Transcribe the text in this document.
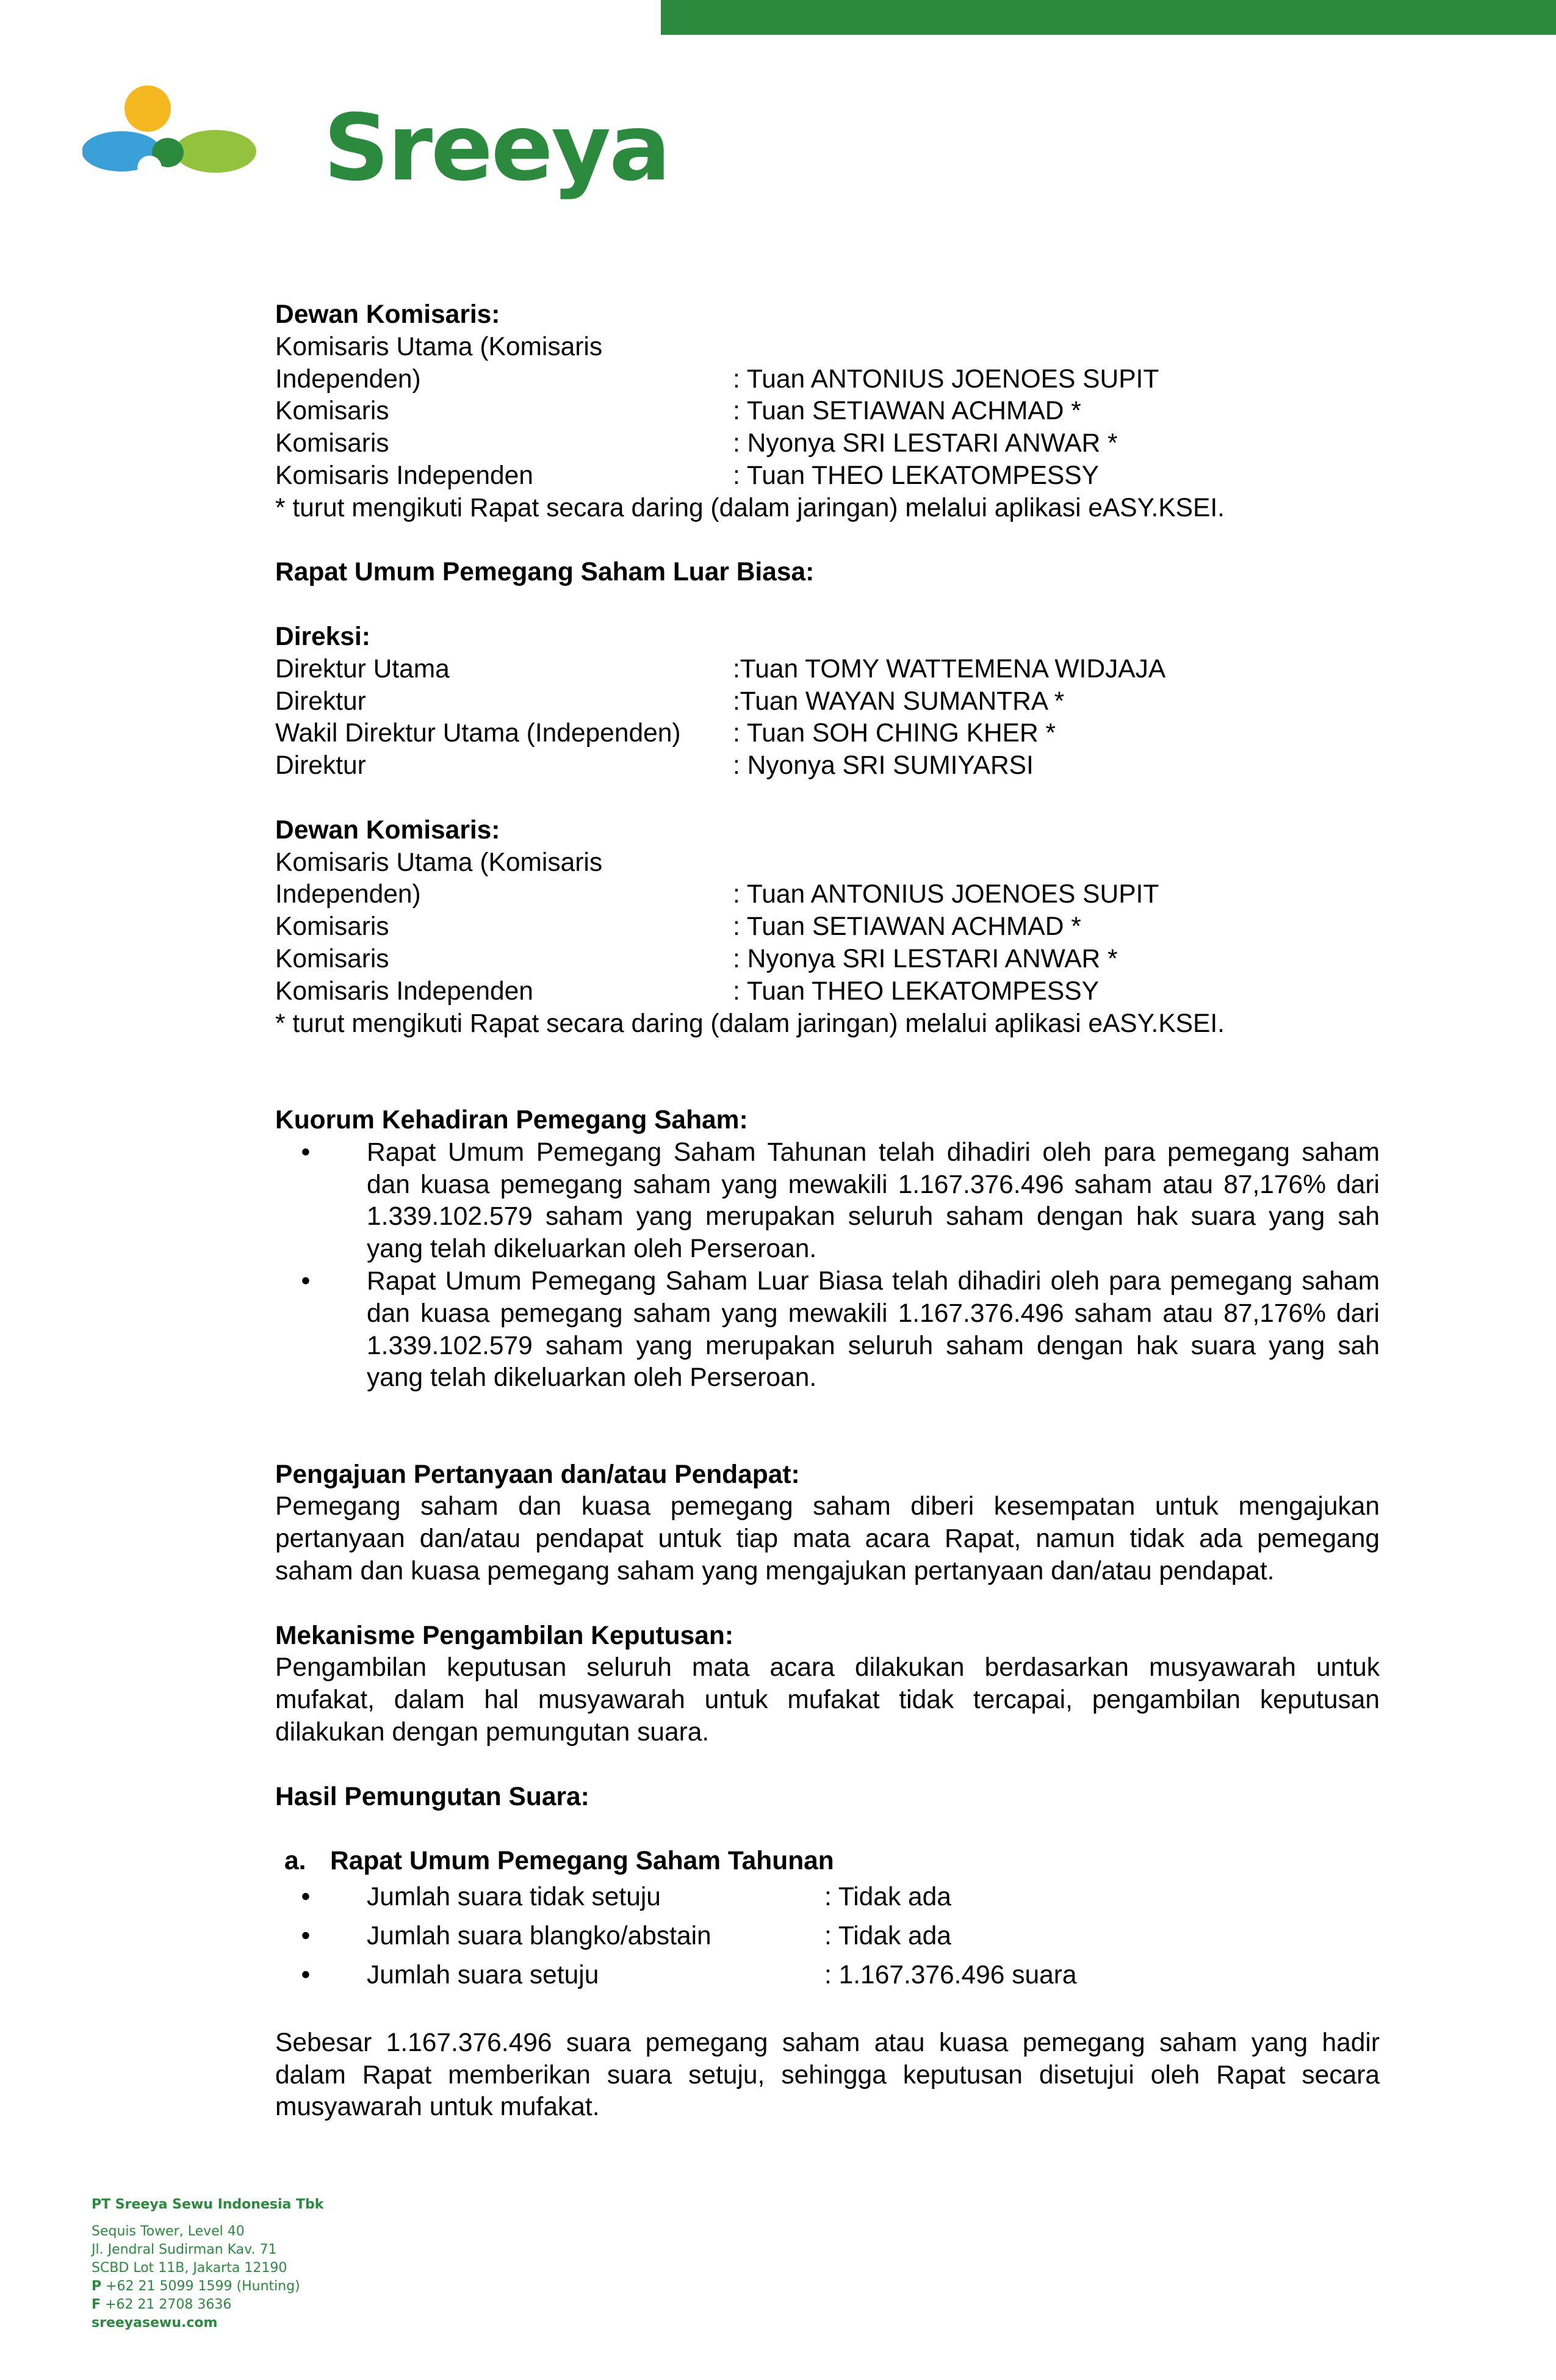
Sreeya

Dewan Komisaris:

Komisaris Utama (Komisaris

Independen)	: Tuan ANTONIUS JOENOES SUPIT
Komisaris	: Tuan SETIAWAN ACHMAD *
Komisaris	: Nyonya SRI LESTARI ANWAR *
Komisaris Independen	: Tuan THEO LEKATOMPESSY

* turut mengikuti Rapat secara daring (dalam jaringan) melalui aplikasi eASY.KSEI.

Rapat Umum Pemegang Saham Luar Biasa:

Direksi:

Direktur Utama	:Tuan TOMY WATTEMENA WIDJAJA
Direktur	:Tuan WAYAN SUMANTRA *
Wakil Direktur Utama (Independen)	: Tuan SOH CHING KHER *
Direktur	: Nyonya SRI SUMIYARSI

Dewan Komisaris:

Komisaris Utama (Komisaris

Independen)	: Tuan ANTONIUS JOENOES SUPIT
Komisaris	: Tuan SETIAWAN ACHMAD *
Komisaris	: Nyonya SRI LESTARI ANWAR *
Komisaris Independen	: Tuan THEO LEKATOMPESSY

* turut mengikuti Rapat secara daring (dalam jaringan) melalui aplikasi eASY.KSEI.

Kuorum Kehadiran Pemegang Saham:

•	Rapat Umum Pemegang Saham Tahunan telah dihadiri oleh para pemegang saham dan kuasa pemegang saham yang mewakili 1.167.376.496 saham atau 87,176% dari 1.339.102.579 saham yang merupakan seluruh saham dengan hak suara yang sah yang telah dikeluarkan oleh Perseroan.
•	Rapat Umum Pemegang Saham Luar Biasa telah dihadiri oleh para pemegang saham dan kuasa pemegang saham yang mewakili 1.167.376.496 saham atau 87,176% dari 1.339.102.579 saham yang merupakan seluruh saham dengan hak suara yang sah yang telah dikeluarkan oleh Perseroan.

Pengajuan Pertanyaan dan/atau Pendapat:

Pemegang saham dan kuasa pemegang saham diberi kesempatan untuk mengajukan pertanyaan dan/atau pendapat untuk tiap mata acara Rapat, namun tidak ada pemegang saham dan kuasa pemegang saham yang mengajukan pertanyaan dan/atau pendapat.

Mekanisme Pengambilan Keputusan:

Pengambilan keputusan seluruh mata acara dilakukan berdasarkan musyawarah untuk mufakat, dalam hal musyawarah untuk mufakat tidak tercapai, pengambilan keputusan dilakukan dengan pemungutan suara.

Hasil Pemungutan Suara:

a. Rapat Umum Pemegang Saham Tahunan
•	Jumlah suara tidak setuju	: Tidak ada
•	Jumlah suara blangko/abstain	: Tidak ada
•	Jumlah suara setuju	: 1.167.376.496 suara

Sebesar 1.167.376.496 suara pemegang saham atau kuasa pemegang saham yang hadir dalam Rapat memberikan suara setuju, sehingga keputusan disetujui oleh Rapat secara musyawarah untuk mufakat.

PT Sreeya Sewu Indonesia Tbk

Sequis Tower, Level 40

Jl. Jendral Sudirman Kav. 71

SCBD Lot 11B, Jakarta 12190

P +62 21 5099 1599 (Hunting)

F +62 21 2708 3636

sreeyasewu.com
